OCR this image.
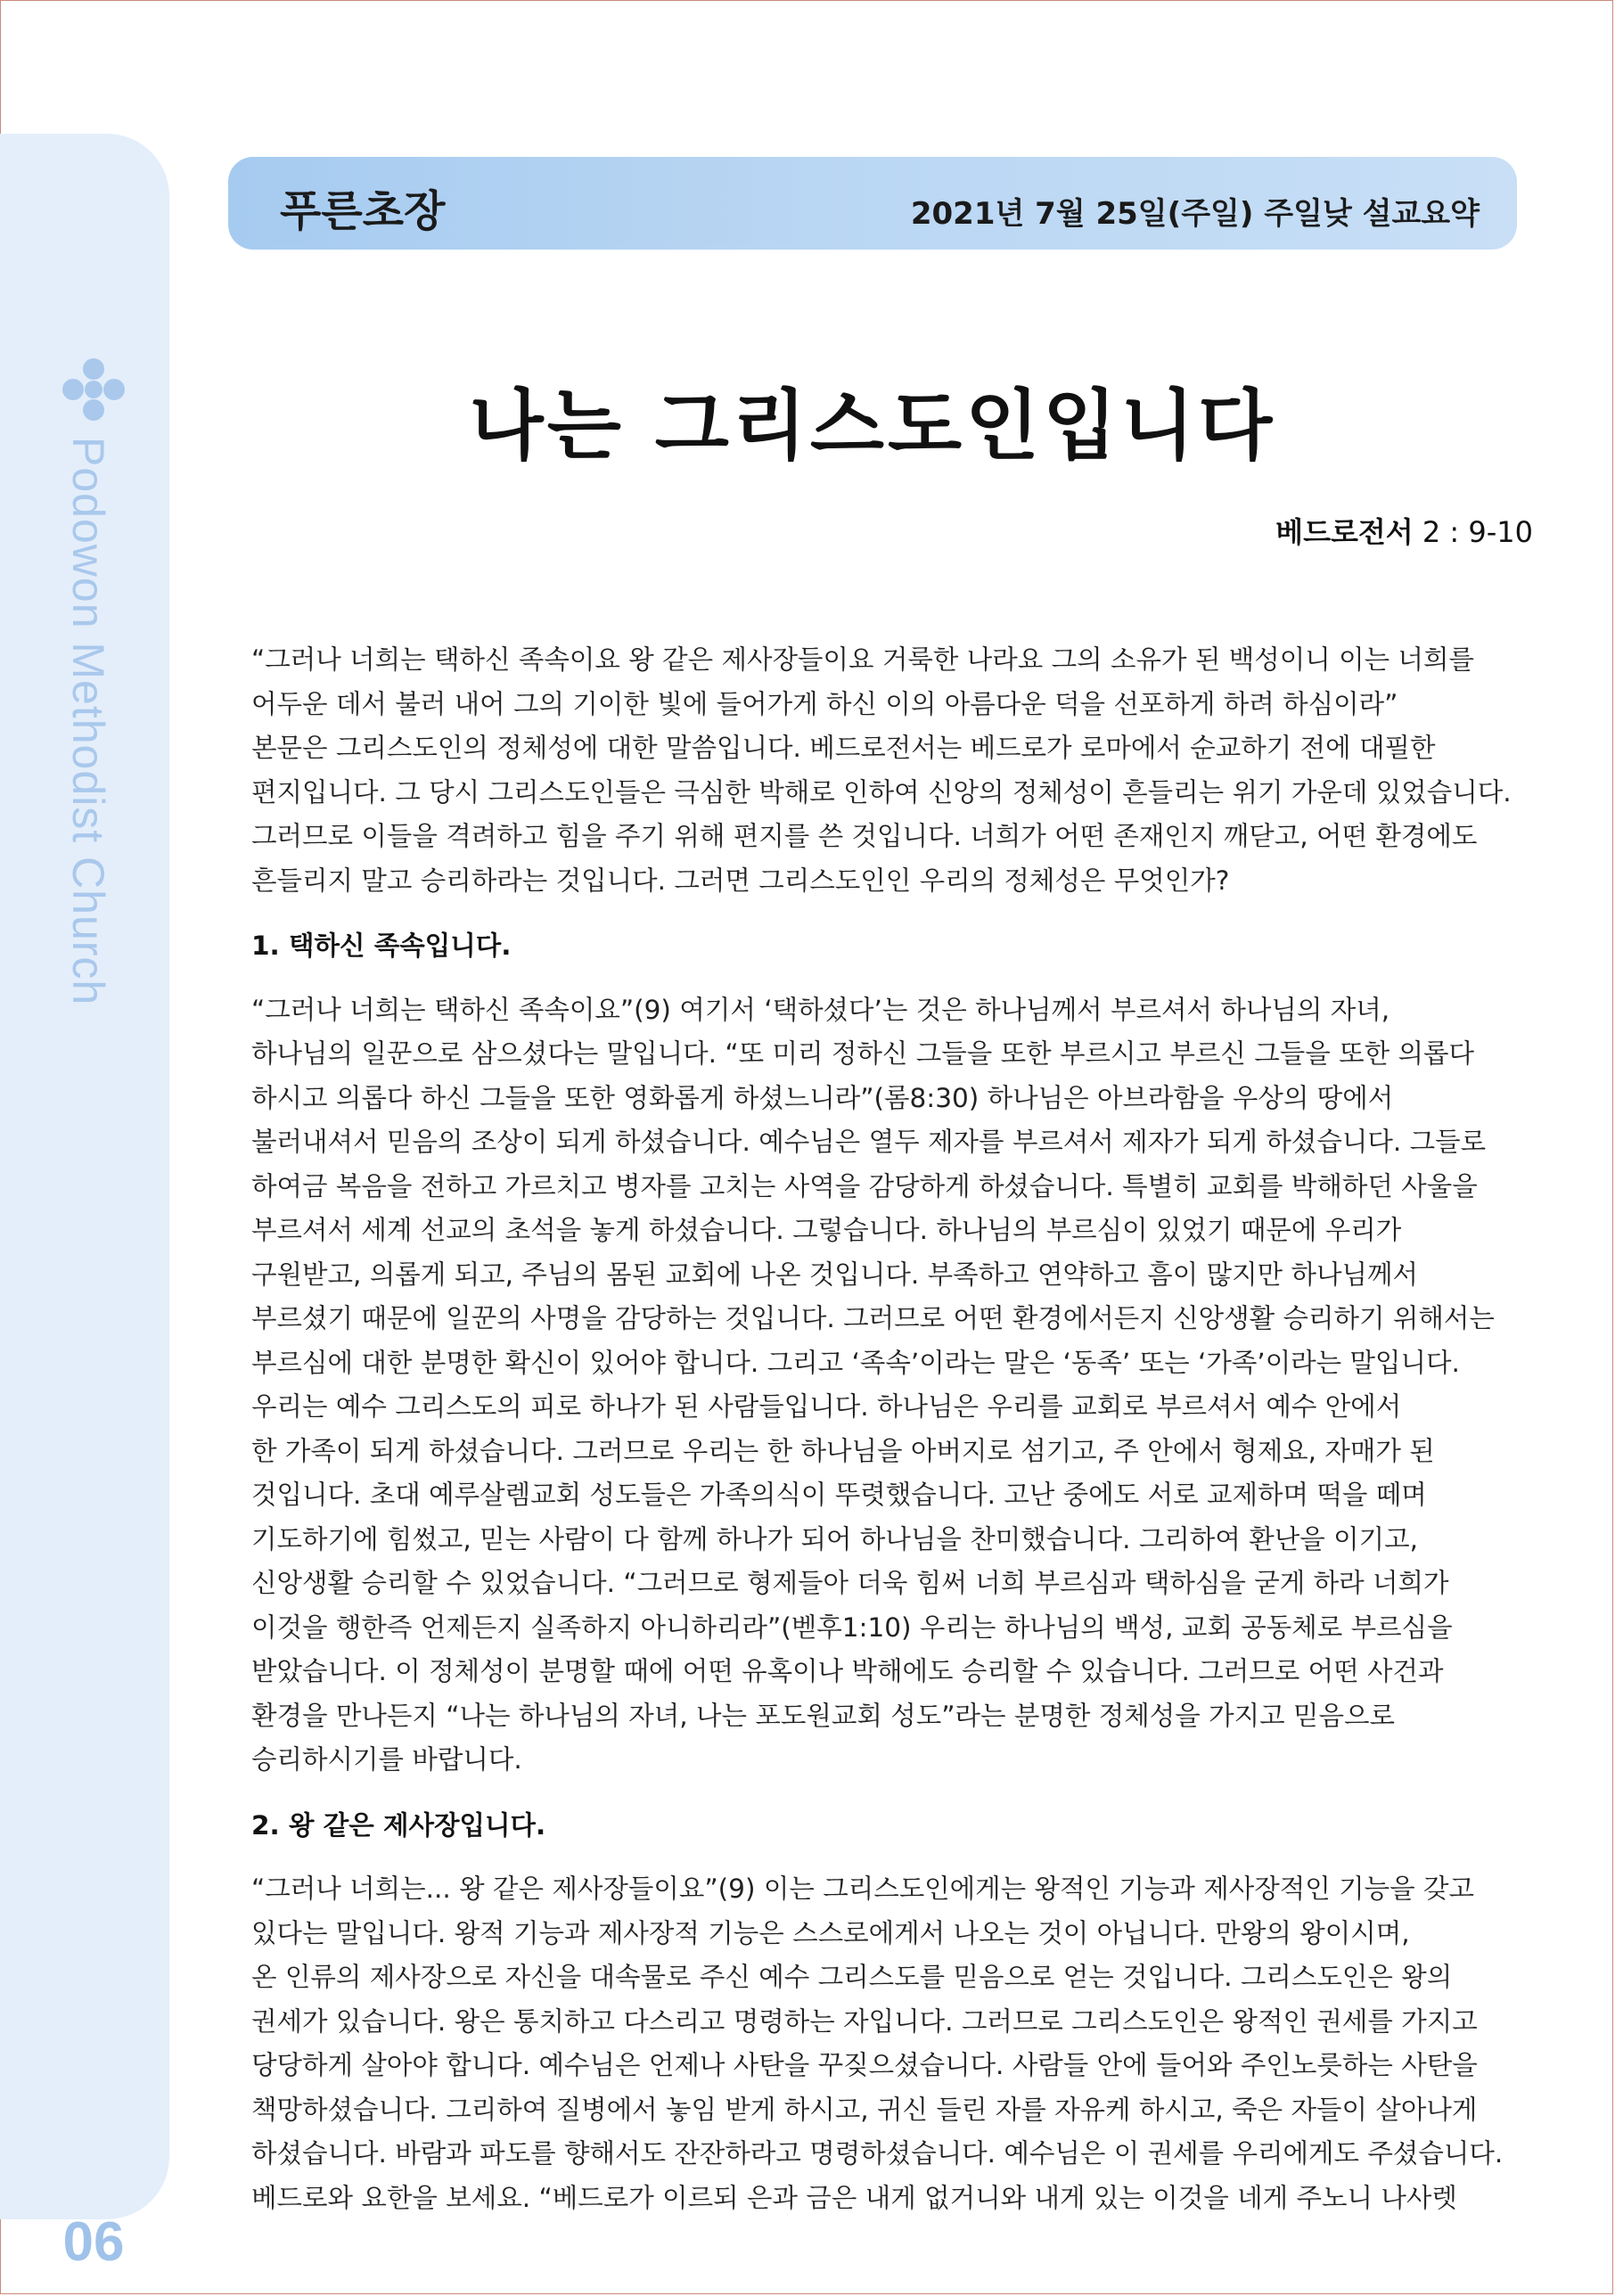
Podowon Methodist Church
06
푸른초장	2021년 7월 25일(주일) 주일낮 설교요약
나는 그리스도인입니다
베드로전서 2 : 9-10
“그러나 너희는 택하신 족속이요 왕 같은 제사장들이요 거룩한 나라요 그의 소유가 된 백성이니 이는 너희를
어두운 데서 불러 내어 그의 기이한 빛에 들어가게 하신 이의 아름다운 덕을 선포하게 하려 하심이라”
본문은 그리스도인의 정체성에 대한 말씀입니다. 베드로전서는 베드로가 로마에서 순교하기 전에 대필한
편지입니다. 그 당시 그리스도인들은 극심한 박해로 인하여 신앙의 정체성이 흔들리는 위기 가운데 있었습니다.
그러므로 이들을 격려하고 힘을 주기 위해 편지를 쓴 것입니다. 너희가 어떤 존재인지 깨닫고, 어떤 환경에도
흔들리지 말고 승리하라는 것입니다. 그러면 그리스도인인 우리의 정체성은 무엇인가?
1. 택하신 족속입니다.
“그러나 너희는 택하신 족속이요”(9) 여기서 ‘택하셨다’는 것은 하나님께서 부르셔서 하나님의 자녀,
하나님의 일꾼으로 삼으셨다는 말입니다. “또 미리 정하신 그들을 또한 부르시고 부르신 그들을 또한 의롭다
하시고 의롭다 하신 그들을 또한 영화롭게 하셨느니라”(롬8:30) 하나님은 아브라함을 우상의 땅에서
불러내셔서 믿음의 조상이 되게 하셨습니다. 예수님은 열두 제자를 부르셔서 제자가 되게 하셨습니다. 그들로
하여금 복음을 전하고 가르치고 병자를 고치는 사역을 감당하게 하셨습니다. 특별히 교회를 박해하던 사울을
부르셔서 세계 선교의 초석을 놓게 하셨습니다. 그렇습니다. 하나님의 부르심이 있었기 때문에 우리가
구원받고, 의롭게 되고, 주님의 몸된 교회에 나온 것입니다. 부족하고 연약하고 흠이 많지만 하나님께서
부르셨기 때문에 일꾼의 사명을 감당하는 것입니다. 그러므로 어떤 환경에서든지 신앙생활 승리하기 위해서는
부르심에 대한 분명한 확신이 있어야 합니다. 그리고 ‘족속’이라는 말은 ‘동족’ 또는 ‘가족’이라는 말입니다.
우리는 예수 그리스도의 피로 하나가 된 사람들입니다. 하나님은 우리를 교회로 부르셔서 예수 안에서
한 가족이 되게 하셨습니다. 그러므로 우리는 한 하나님을 아버지로 섬기고, 주 안에서 형제요, 자매가 된
것입니다. 초대 예루살렘교회 성도들은 가족의식이 뚜렷했습니다. 고난 중에도 서로 교제하며 떡을 떼며
기도하기에 힘썼고, 믿는 사람이 다 함께 하나가 되어 하나님을 찬미했습니다. 그리하여 환난을 이기고,
신앙생활 승리할 수 있었습니다. “그러므로 형제들아 더욱 힘써 너희 부르심과 택하심을 굳게 하라 너희가
이것을 행한즉 언제든지 실족하지 아니하리라”(벧후1:10) 우리는 하나님의 백성, 교회 공동체로 부르심을
받았습니다. 이 정체성이 분명할 때에 어떤 유혹이나 박해에도 승리할 수 있습니다. 그러므로 어떤 사건과
환경을 만나든지 “나는 하나님의 자녀, 나는 포도원교회 성도”라는 분명한 정체성을 가지고 믿음으로
승리하시기를 바랍니다.
2. 왕 같은 제사장입니다.
“그러나 너희는... 왕 같은 제사장들이요”(9) 이는 그리스도인에게는 왕적인 기능과 제사장적인 기능을 갖고
있다는 말입니다. 왕적 기능과 제사장적 기능은 스스로에게서 나오는 것이 아닙니다. 만왕의 왕이시며,
온 인류의 제사장으로 자신을 대속물로 주신 예수 그리스도를 믿음으로 얻는 것입니다. 그리스도인은 왕의
권세가 있습니다. 왕은 통치하고 다스리고 명령하는 자입니다. 그러므로 그리스도인은 왕적인 권세를 가지고
당당하게 살아야 합니다. 예수님은 언제나 사탄을 꾸짖으셨습니다. 사람들 안에 들어와 주인노릇하는 사탄을
책망하셨습니다. 그리하여 질병에서 놓임 받게 하시고, 귀신 들린 자를 자유케 하시고, 죽은 자들이 살아나게
하셨습니다. 바람과 파도를 향해서도 잔잔하라고 명령하셨습니다. 예수님은 이 권세를 우리에게도 주셨습니다.
베드로와 요한을 보세요. “베드로가 이르되 은과 금은 내게 없거니와 내게 있는 이것을 네게 주노니 나사렛
